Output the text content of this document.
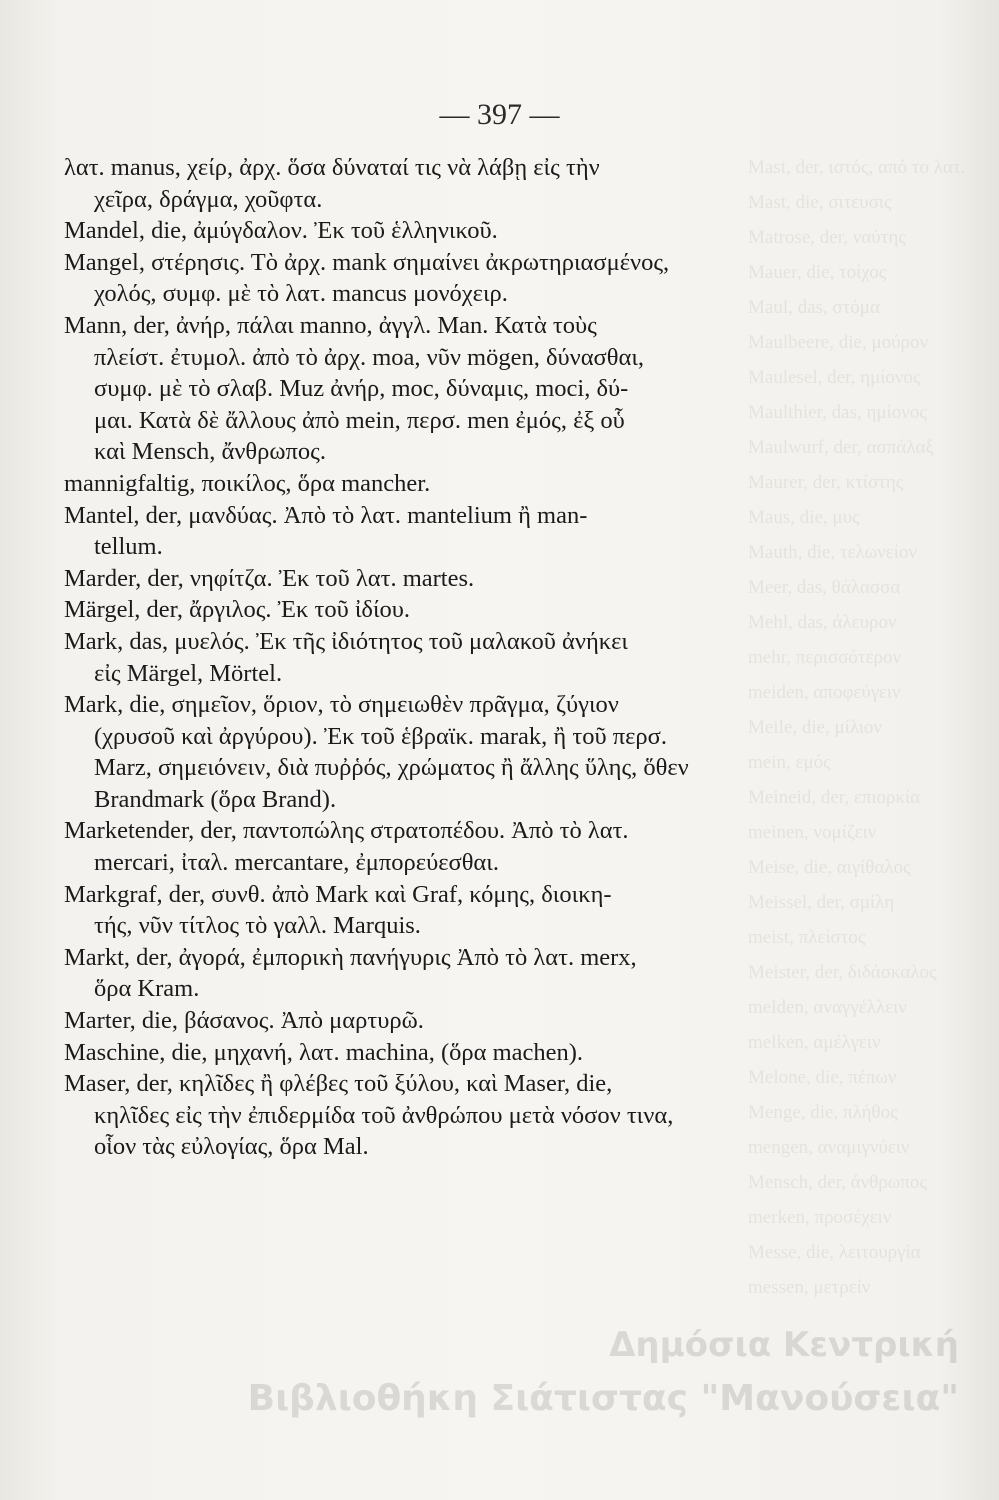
Mast, der, ιστός, από το λατ.
Mast, die, σιτευσις
Matrose, der, ναύτης
Mauer, die, τοίχος
Maul, das, στόμα
Maulbeere, die, μούρον
Maulesel, der, ημίονος
Maulthier, das, ημίονος
Maulwurf, der, ασπάλαξ
Maurer, der, κτίστης
Maus, die, μυς
Mauth, die, τελωνείον
Meer, das, θάλασσα
Mehl, das, άλευρον
mehr, περισσότερον
meiden, αποφεύγειν
Meile, die, μίλιον
mein, εμός
Meineid, der, επιορκία
meinen, νομίζειν
Meise, die, αιγίθαλος
Meissel, der, σμίλη
meist, πλείστος
Meister, der, διδάσκαλος
melden, αναγγέλλειν
melken, αμέλγειν
Melone, die, πέπων
Menge, die, πλήθος
mengen, αναμιγνύειν
Mensch, der, άνθρωπος
merken, προσέχειν
Messe, die, λειτουργία
messen, μετρείν
— 397 —
λατ. manus, χείρ, ἀρχ. ὅσα δύναταί τις νὰ λάβῃ εἰς τὴν
χεῖρα, δράγμα, χοῦφτα.
Mandel, die, ἀμύγδαλον. Ἐκ τοῦ ἑλληνικοῦ.
Mangel, στέρησις. Τὸ ἀρχ. mank σημαίνει ἀκρωτηριασμένος,
χολός, συμφ. μὲ τὸ λατ. mancus μονόχειρ.
Mann, der, ἀνήρ, πάλαι manno, ἀγγλ. Man. Κατὰ τοὺς
πλείστ. ἐτυμολ. ἀπὸ τὸ ἀρχ. moa, νῦν mögen, δύνασθαι,
συμφ. μὲ τὸ σλαβ. Muz ἀνήρ, moc, δύναμις, moci, δύ-
μαι. Κατὰ δὲ ἄλλους ἀπὸ mein, περσ. men ἐμός, ἐξ οὗ
καὶ Mensch, ἄνθρωπος.
mannigfaltig, ποικίλος, ὅρα mancher.
Mantel, der, μανδύας. Ἀπὸ τὸ λατ. mantelium ἢ man-
tellum.
Marder, der, νηφίτζα. Ἐκ τοῦ λατ. martes.
Märgel, der, ἄργιλος. Ἐκ τοῦ ἰδίου.
Mark, das, μυελός. Ἐκ τῆς ἰδιότητος τοῦ μαλακοῦ ἀνήκει
εἰς Märgel, Mörtel.
Mark, die, σημεῖον, ὅριον, τὸ σημειωθὲν πρᾶγμα, ζύγιον
(χρυσοῦ καὶ ἀργύρου). Ἐκ τοῦ ἑβραϊκ. marak, ἢ τοῦ περσ.
Marz, σημειόνειν, διὰ πυῤῥός, χρώματος ἢ ἄλλης ὕλης, ὅθεν
Brandmark (ὅρα Brand).
Marketender, der, παντοπώλης στρατοπέδου. Ἀπὸ τὸ λατ.
mercari, ἰταλ. mercantare, ἐμπορεύεσθαι.
Markgraf, der, συνθ. ἀπὸ Mark καὶ Graf, κόμης, διοικη-
τής, νῦν τίτλος τὸ γαλλ. Marquis.
Markt, der, ἀγορά, ἐμπορικὴ πανήγυρις Ἀπὸ τὸ λατ. merx,
ὅρα Kram.
Marter, die, βάσανος. Ἀπὸ μαρτυρῶ.
Maschine, die, μηχανή, λατ. machina, (ὅρα machen).
Maser, der, κηλῖδες ἢ φλέβες τοῦ ξύλου, καὶ Maser, die,
κηλῖδες εἰς τὴν ἐπιδερμίδα τοῦ ἀνθρώπου μετὰ νόσον τινα,
οἷον τὰς εὐλογίας, ὅρα Mal.
Δημόσια Κεντρική
Βιβλιοθήκη Σιάτιστας "Μανούσεια"
